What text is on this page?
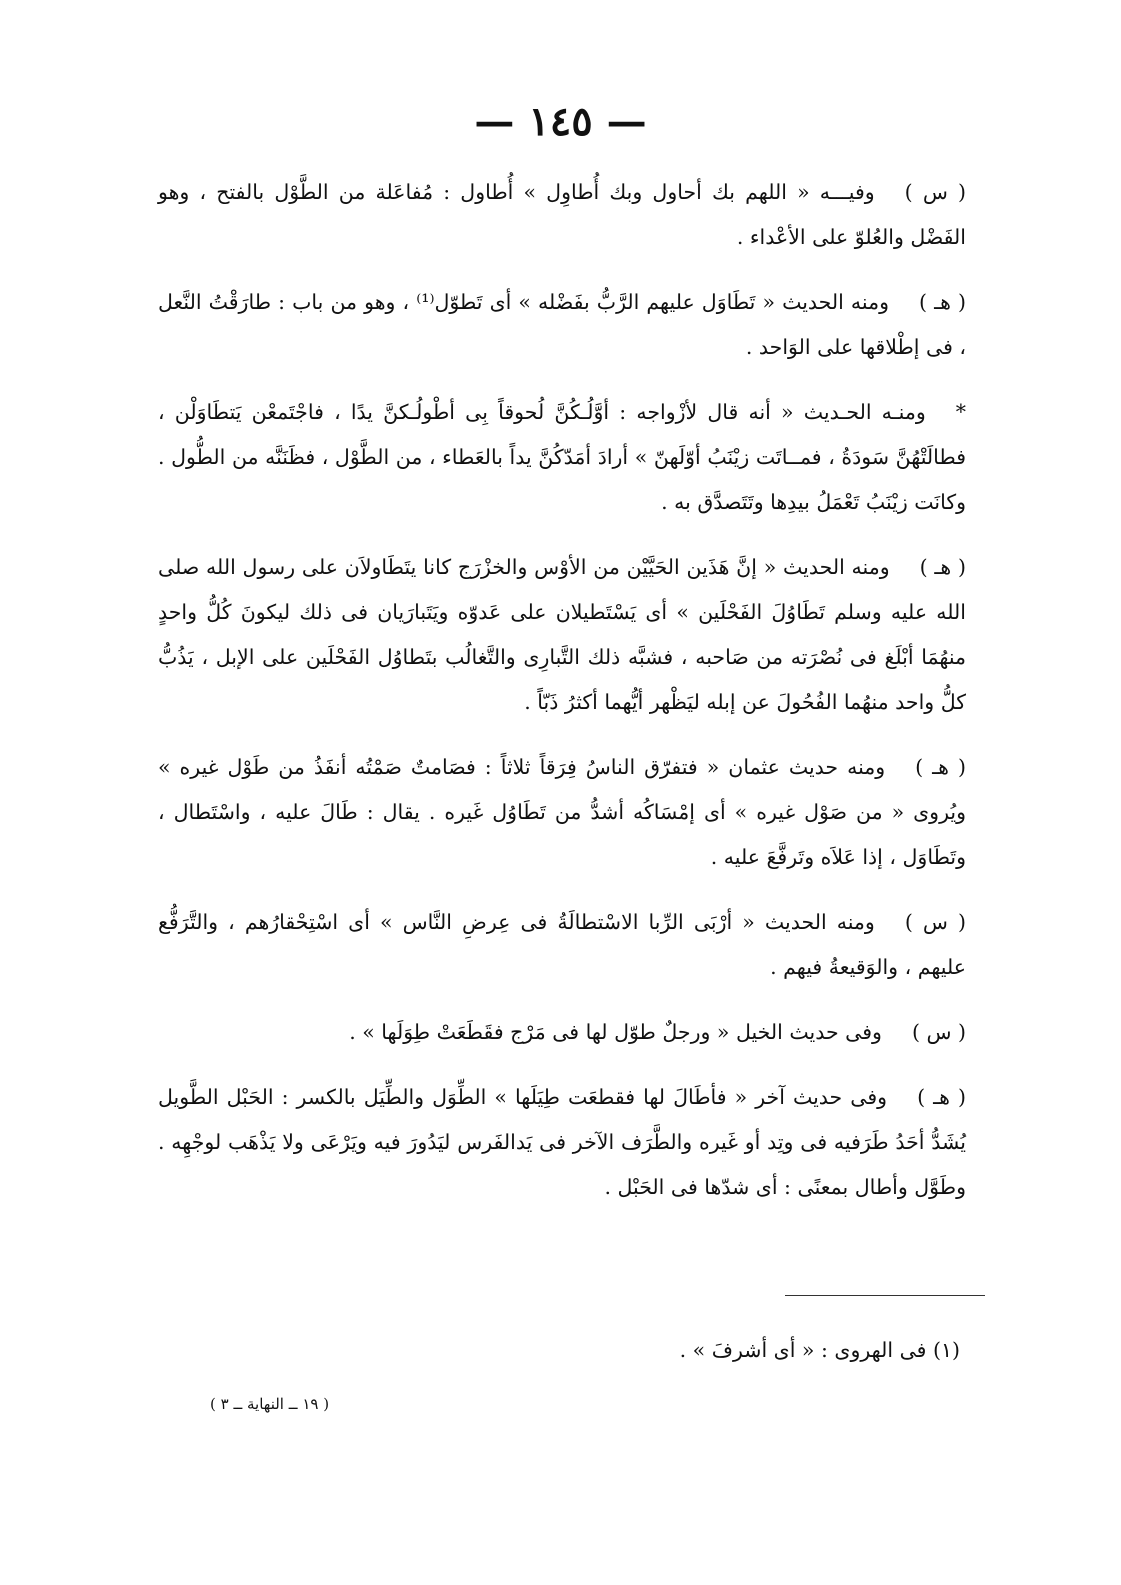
— ١٤٥ —

( س )وفيـــه « اللهم بك أحاول وبك أُطاوِل » أُطاول : مُفاعَلة من الطَّوْل بالفتح ، وهو الفَضْل والعُلوّ على الأعْداء .

( هـ )ومنه الحديث « تَطَاوَل عليهم الرَّبُّ بفَضْله » أى تَطوّل⁽¹⁾ ، وهو من باب : طارَقْتُ النَّعل ، فى إطْلاقها على الوَاحد .

*ومنـه الحـديث « أنه قال لأزْواجه : أوَّلُـكُنَّ لُحوقاً بِى أطْولُـكنَّ يدًا ، فاجْتَمعْن يَتطَاوَلْن ، فطالَتْهُنَّ سَودَةُ ، فمــاتَت زيْنَبُ أوّلَهنّ » أرادَ أمَدّكُنَّ يداً بالعَطاء ، من الطَّوْل ، فظَنَنَّه من الطُّول . وكانَت زيْنَبُ تَعْمَلُ بيدِها وتَتَصدَّق به .

( هـ )ومنه الحديث « إنَّ هَذَين الحَيَّيْن من الأوْس والخزْرَج كانا يتَطَاولاَن على رسول الله صلى الله عليه وسلم تَطَاوُلَ الفَحْلَين » أى يَسْتَطيلان على عَدوّه ويَتَبارَيان فى ذلك ليكونَ كُلُّ واحدٍ منهُمَا أبْلَغ فى نُصْرَته من صَاحبه ، فشبَّه ذلك التَّبارِى والتَّغالُب بتَطاوُل الفَحْلَين على الإبل ، يَذُبُّ كلُّ واحد منهُما الفُحُولَ عن إبله ليَظْهر أيُّهما أكثرُ ذَبّاً .

( هـ )ومنه حديث عثمان « فتفرّق الناسُ فِرَقاً ثلاثاً : فصَامتٌ صَمْتُه أنفَذُ من طَوْل غيره » ويُروى « من صَوْل غيره » أى إمْسَاكُه أشدُّ من تَطَاوُل غَيره . يقال : طَالَ عليه ، واسْتَطال ، وتَطَاوَل ، إذا عَلاَه وتَرفَّعَ عليه .

( س )ومنه الحديث « أرْبَى الرِّبا الاسْتطالَةُ فى عِرضِ النَّاس » أى اسْتِحْقارُهم ، والتَّرَفُّع عليهم ، والوَقيعةُ فيهم .

( س )وفى حديث الخيل « ورجلٌ طوّل لها فى مَرْج فقَطَعَتْ طِوَلَها » .

( هـ )وفى حديث آخر « فأطَالَ لها فقطعَت طِيَلَها » الطِّوَل والطِّيَل بالكسر : الحَبْل الطَّويل يُشَدُّ أحَدُ طَرَفيه فى وتِد أو غَيره والطَّرَف الآخر فى يَدالفَرس ليَدُورَ فيه ويَرْعَى ولا يَذْهَب لوجْهِه . وطَوَّل وأطال بمعنًى : أى شدّها فى الحَبْل .

(١) فى الهروى : « أى أشرفَ » .
( ١٩ ــ النهاية ــ ٣ )
